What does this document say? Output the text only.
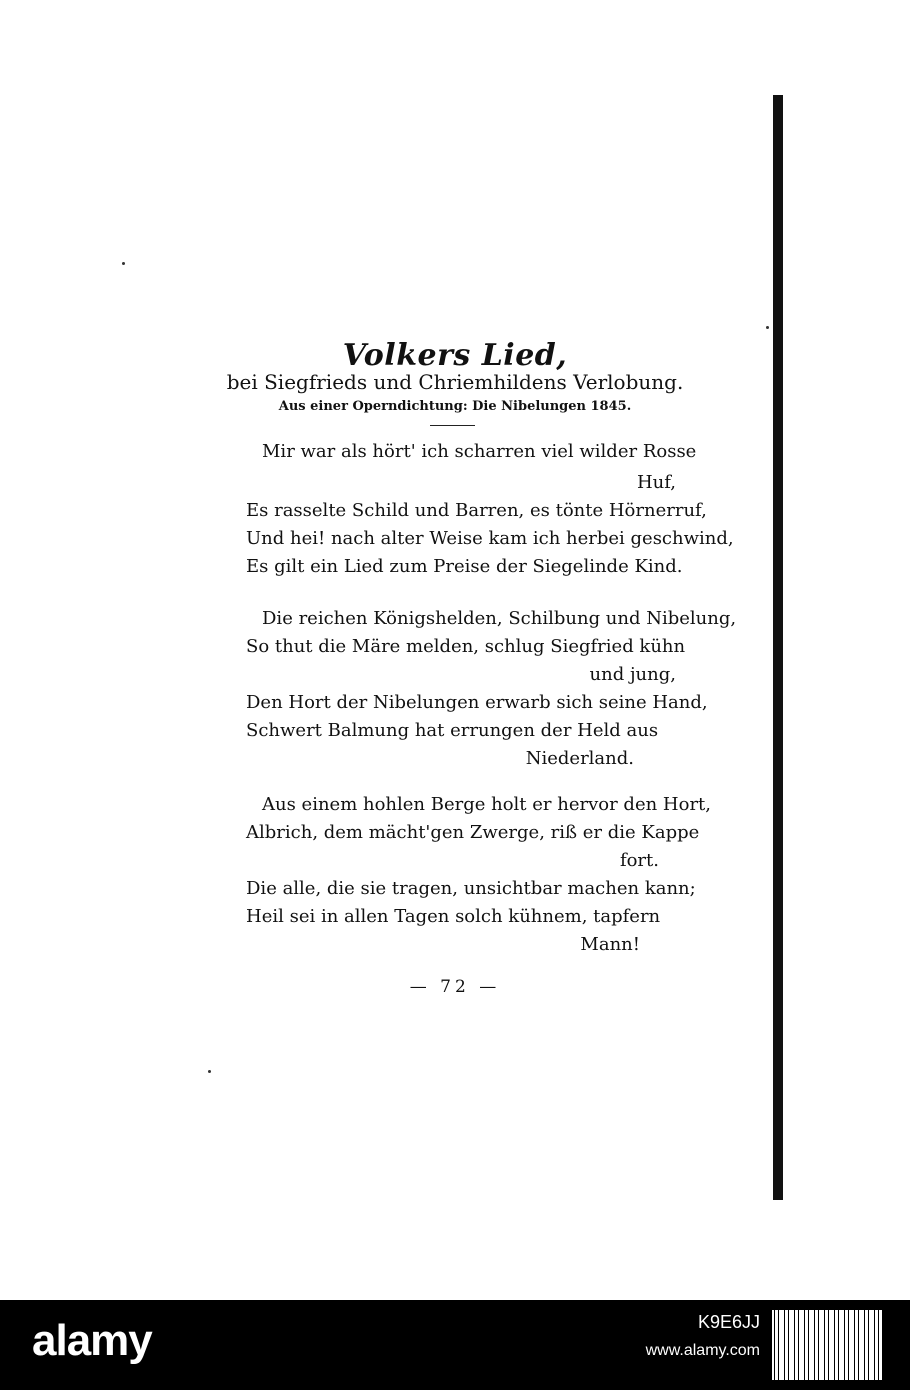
Volkers Lied,
bei Siegfrieds und Chriemhildens Verlobung.
Aus einer Operndichtung: Die Nibelungen 1845.
Mir war als hört' ich scharren viel wilder Rosse
Huf,
Es rasselte Schild und Barren, es tönte Hörnerruf,
Und hei! nach alter Weise kam ich herbei geschwind,
Es gilt ein Lied zum Preise der Siegelinde Kind.
Die reichen Königshelden, Schilbung und Nibelung,
So thut die Märe melden, schlug Siegfried kühn
und jung,
Den Hort der Nibelungen erwarb sich seine Hand,
Schwert Balmung hat errungen der Held aus
Niederland.
Aus einem hohlen Berge holt er hervor den Hort,
Albrich, dem mächt'gen Zwerge, riß er die Kappe
fort.
Die alle, die sie tragen, unsichtbar machen kann;
Heil sei in allen Tagen solch kühnem, tapfern
Mann!
— 72 —
alamy	K9E6JJ
www.alamy.com
